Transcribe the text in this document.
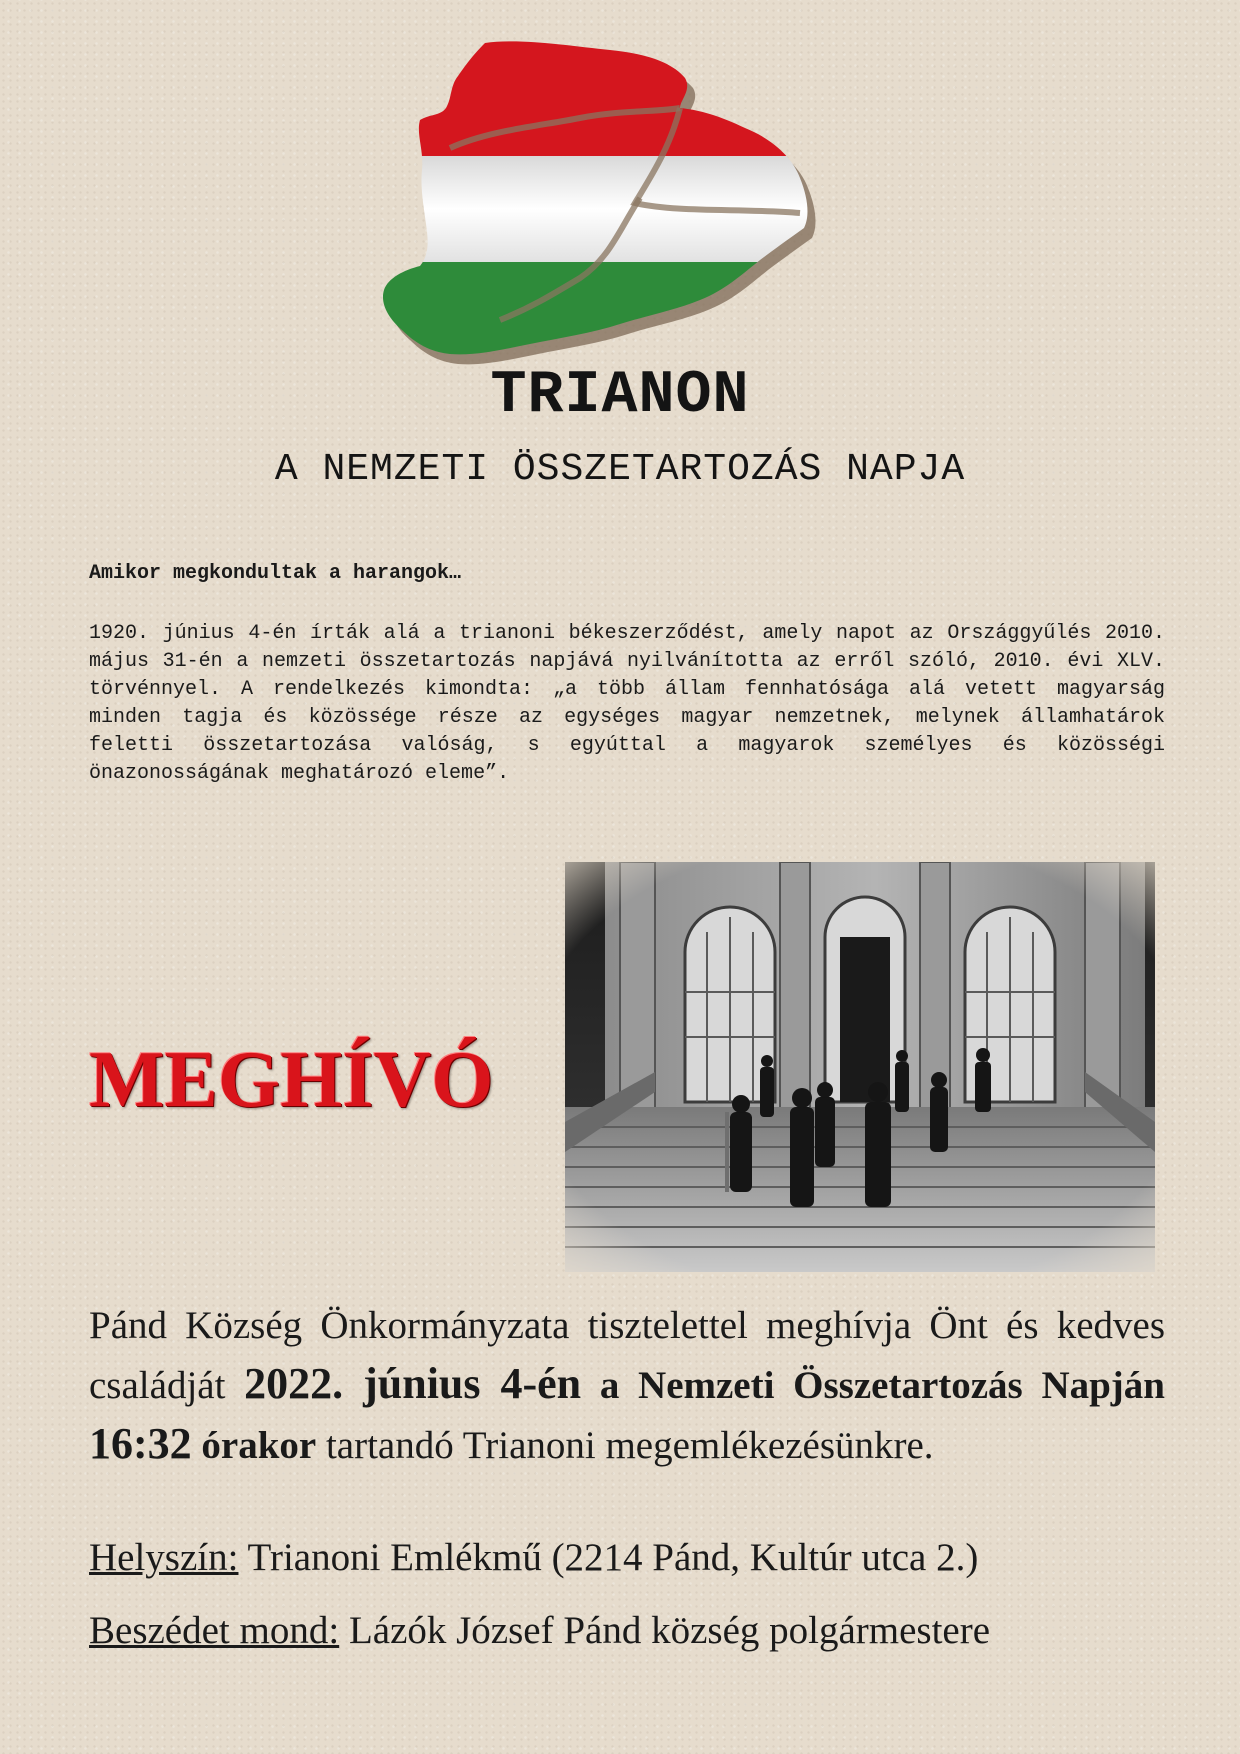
TRIANON
A NEMZETI ÖSSZETARTOZÁS NAPJA
Amikor megkondultak a harangok…
1920. június 4-én írták alá a trianoni békeszerződést, amely napot az Országgyűlés 2010. május 31-én a nemzeti összetartozás napjává nyilvánította az erről szóló, 2010. évi XLV. törvénnyel. A rendelkezés kimondta: „a több állam fennhatósága alá vetett magyarság minden tagja és közössége része az egységes magyar nemzetnek, melynek államhatárok feletti összetartozása valóság, s egyúttal a magyarok személyes és közösségi önazonosságának meghatározó eleme”.
MEGHÍVÓ
Pánd Község Önkormányzata tisztelettel meghívja Önt és kedves családját 2022. június 4-én a Nemzeti Összetartozás Napján 16:32 órakor tartandó Trianoni megemlékezésünkre.
Helyszín: Trianoni Emlékmű (2214 Pánd, Kultúr utca 2.)
Beszédet mond: Lázók József Pánd község polgármestere
